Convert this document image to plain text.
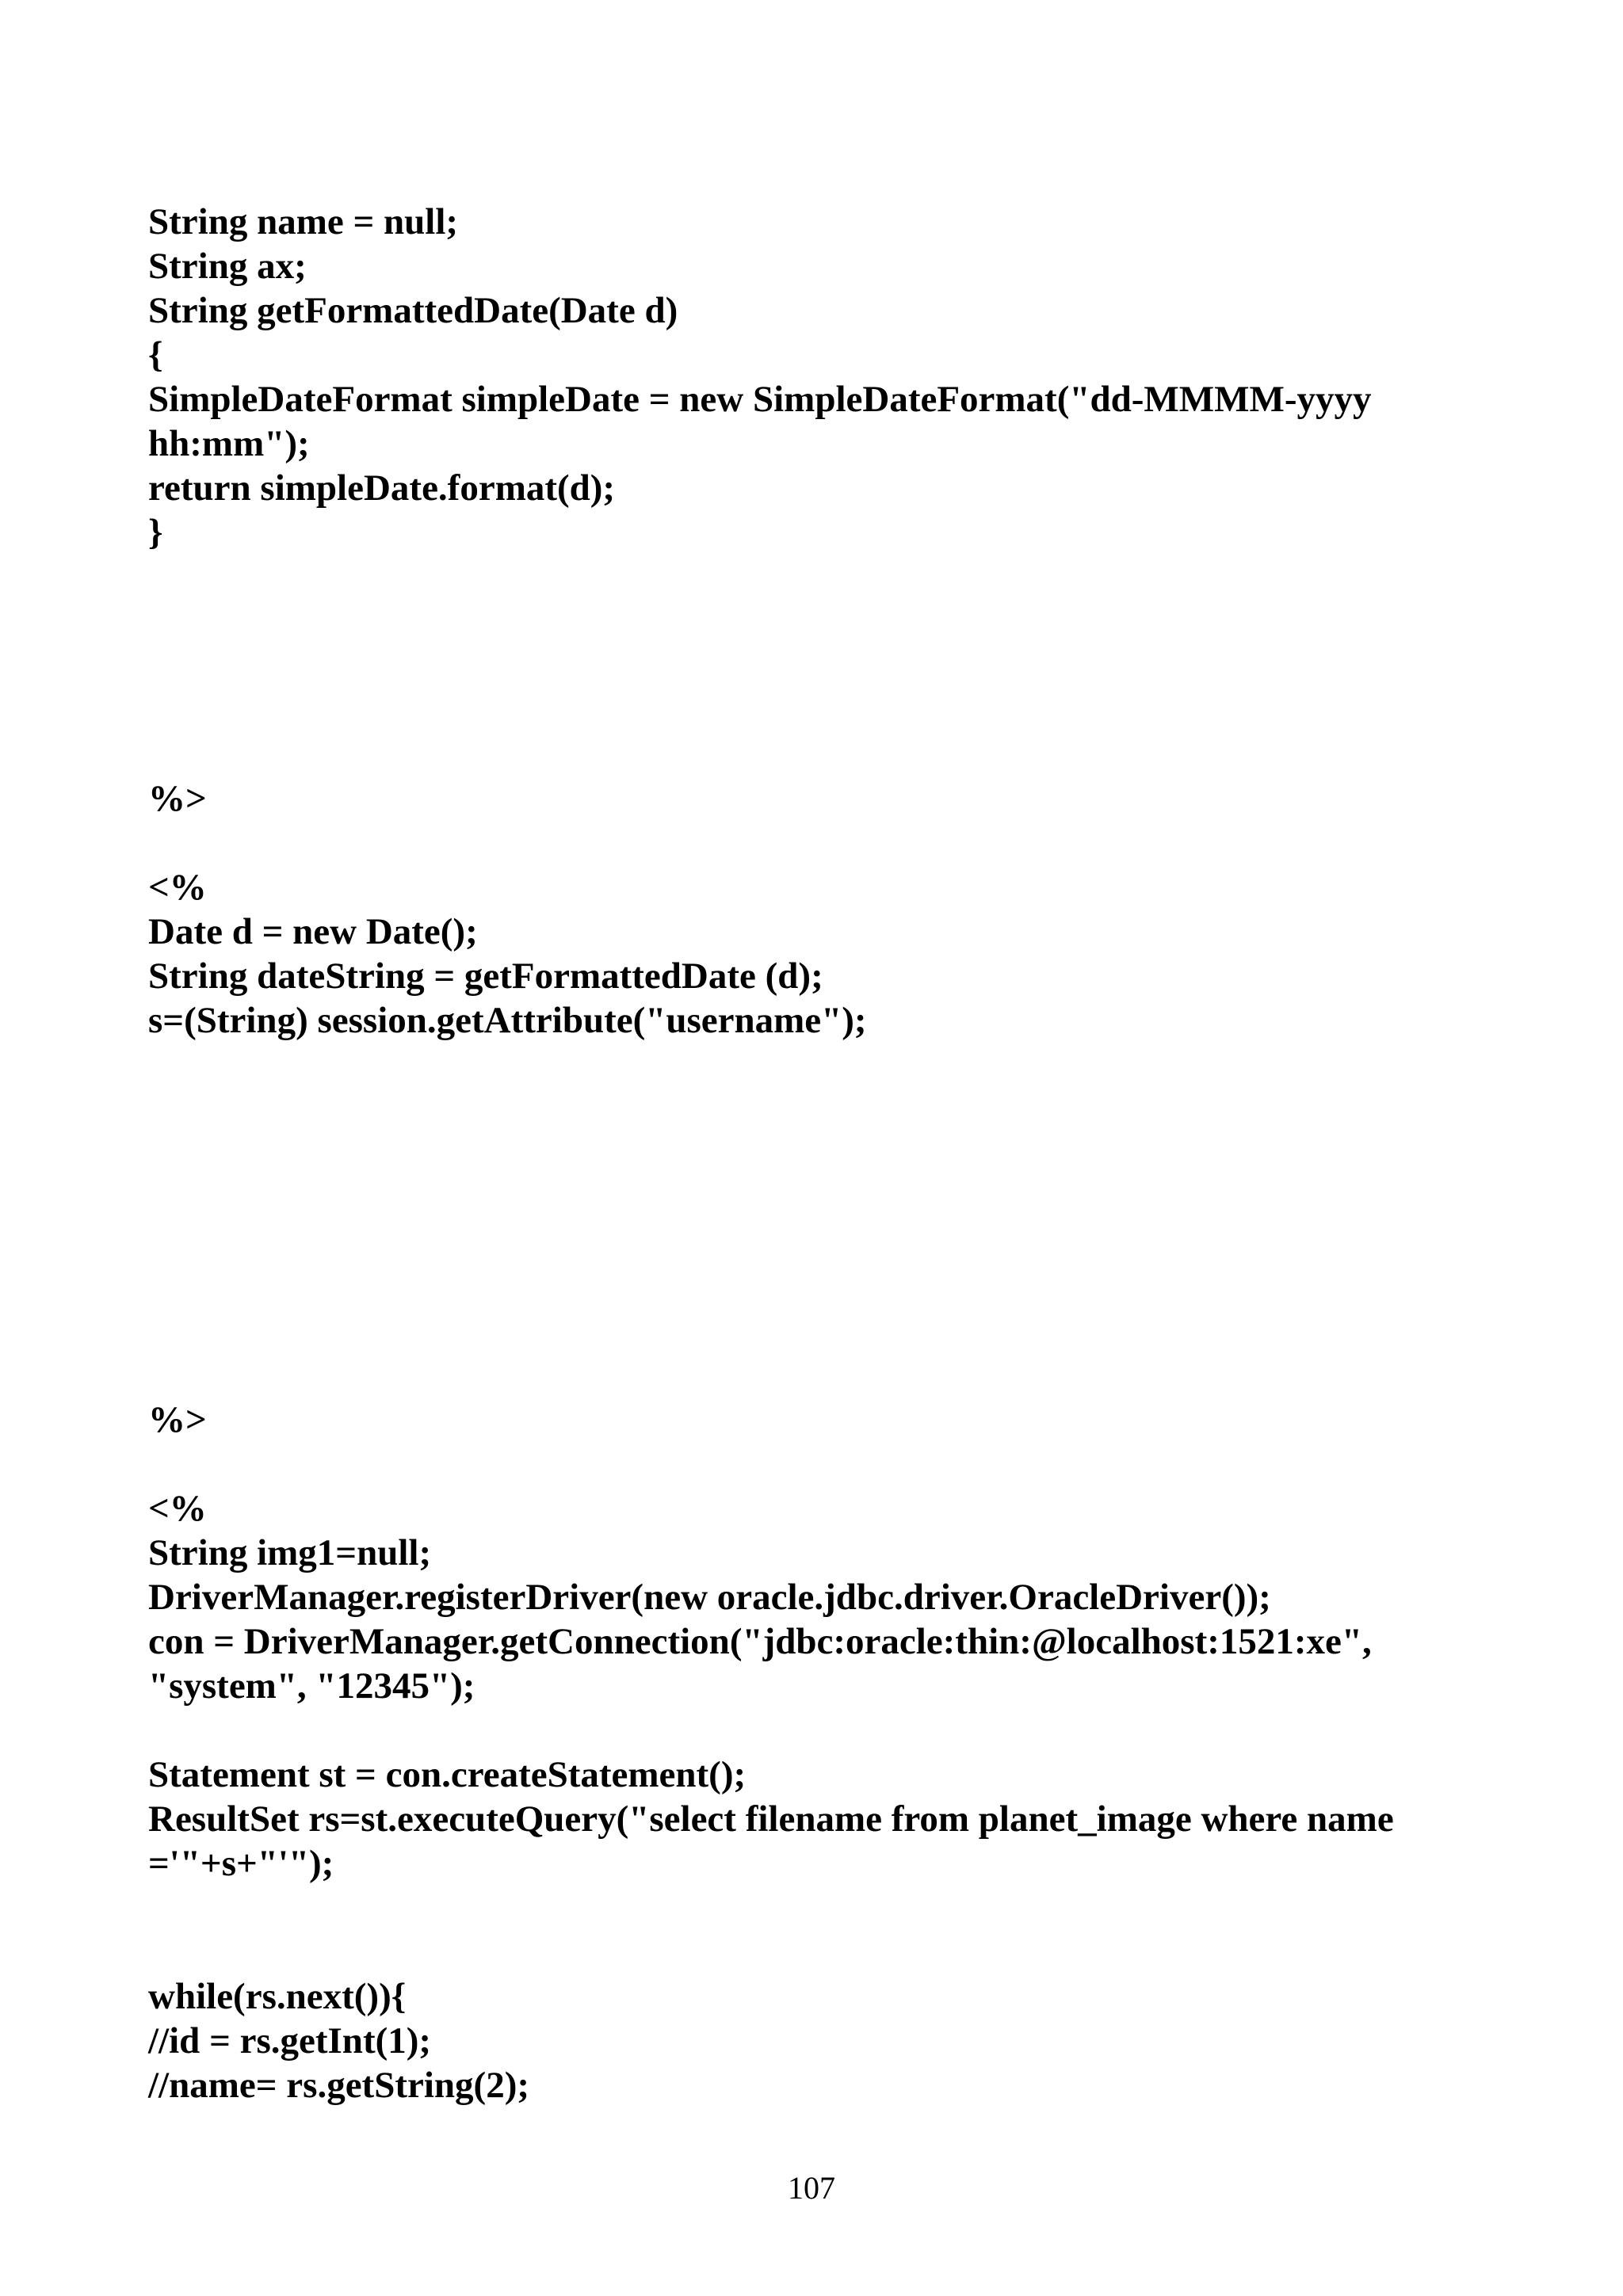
String name = null;

String ax;

String getFormattedDate(Date d)

{

SimpleDateFormat simpleDate = new SimpleDateFormat("dd-MMMM-yyyy

hh:mm");

return simpleDate.format(d);

}

%>

<%

Date d = new Date();

String dateString = getFormattedDate (d);

s=(String) session.getAttribute("username");

%>

<%

String img1=null;

DriverManager.registerDriver(new oracle.jdbc.driver.OracleDriver());

con = DriverManager.getConnection("jdbc:oracle:thin:@localhost:1521:xe",

"system", "12345");

Statement st = con.createStatement();

ResultSet rs=st.executeQuery("select filename from planet_image where name

='"+s+"'");

while(rs.next()){

//id = rs.getInt(1);

//name= rs.getString(2);

107
